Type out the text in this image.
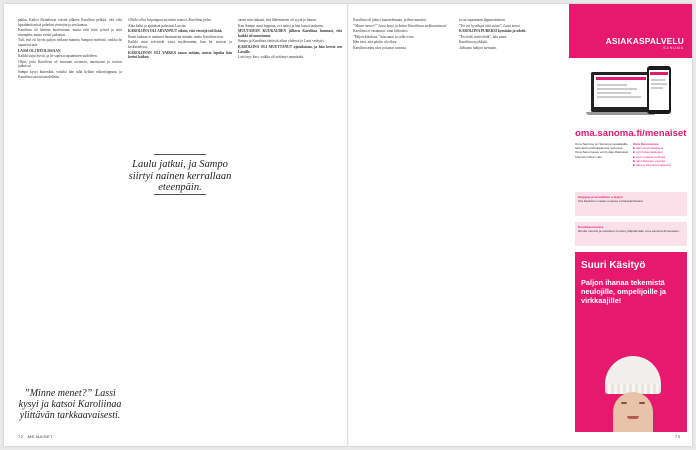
pakka. Kaikei flirttailevat viestiä jälkeen Karoliina pelkäsi, että olisi lipsahäntä mistä puhelun viestejän ja sen kanssa.

Karoliina oli hieman huolestunut, mutta rätti kiire työssä ja siitä eteenpäin, mutta viestit jatkuivat.

Tuli, että oli hyvin paljon vaikeaa mainita Sampon mielestä, vaikka he tapasivat taas.

LASSI OLI HUOLISSAAN

Kaikki sujui hyvin, ja he sopivat tapaamisen uudelleen.

Ohjat, joita Karoliina oli tavannut aiemmin, muuttuivat ja tarinat jatkuivat.

Sampo kysyi kuitenkin, voisiko hän tulla kylään viikonloppuna, ja Karoliina suostui mielellään.

”Minne menet?” Lassi kysyi ja katsoi Karoliinaa ylittävän tarkkaavaisesti.

Olisiko ollut helpompaa myöntää tunteet, Karoliina pohti.

Aika kului ja ajatukset palasivat Lassiin.

KAROLIINA OLI ARVANNUT oikein, että viestejä tuli lisää.

Ensin kukaan ei tuntunut huomaavan mitään, mutta Karoliina tiesi.

Kaikki asiat selvisivät vasta myöhemmin, kun he istuivat ja keskustelivat.

KAROLIINAN OLI VAIKEA sanoa mitään, mutta lopulta hän kertoi kaiken.

vasen niin tiukasti, että lähtemiseen oli syytä jo kauan.

Kun Sampo astui loppuun, ovi narisi ja hän katsoi taakseen.

MUUTAMAN KUUKAUDEN jälkeen Karoliina huomasi, että kaikki oli muuttunut.

Sampo ja Karoliina viettivät aikaa yhdessä ja Lassi vetäytyi.

KAROLIINA OLI MUUTTANUT ajatuksiaan, ja hän kertoi sen Lassille.

Lassi nyy kesi, vaikka oli yrittänyt ymmärtää.

Laulu jatkui, ja Sampo siirtyi nainen kerrallaan eteenpäin.
72 ME NAISET

Karoliina oli jäänyt kuuntelemaan, ja ilme muuttui.

”Minne menet?” Lassi kysyi ja katsoi Karoliinaa tarkkaavaisesti.

Karoliina ei vastannut, vaan lähti ulos.

”Paljon kiitoksia,” hän sanoi ja sulki oven.

Hän tiesi, että päätös oli oikea.

Karoliina astui ulos ja katsoi taivasta.

ja sai tapaamaan lipputoimiston.

”En voi hyväksyä tätä asiaa”, Lassi sanoi.

KAROLIINA PUREKSI kynsiään ja odotti.

”En tiedä, mitä tehdä”, hän sanoi.

Karoliina nyykkiää.

Julkaistu lukijan tarinana.

ASIAKASPALVELU
SANOMA
oma.sanoma.fi/menaiset
Oma Sanoma on Sanoman asiakkaille tarkoitettu palvelukanava verkossa. Oma Sanomassa voit hoitaa tilauksiasi helposti milloin vain.
Oma Sanomassa:
■ näet omat tilauksesi
■ voit hoitaa laskujasi
■ voit muuttaa osoitetta
■ näet tilausten etuudet
■ näet jo toteutetut laskuosi
Helppoa ja turvallinen e-lasku!
Ota käyttöön e-lasku omassa verkkopankissasi.
Osoitteenmuutos
Ilmoita muutos ja osoitteen muutos ylläpitämään oma.sanoma.fi/menaiset.
Suuri Käsityö
Paljon ihanaa tekemistä neulojille, ompelijoille ja virkkaajille!
73
